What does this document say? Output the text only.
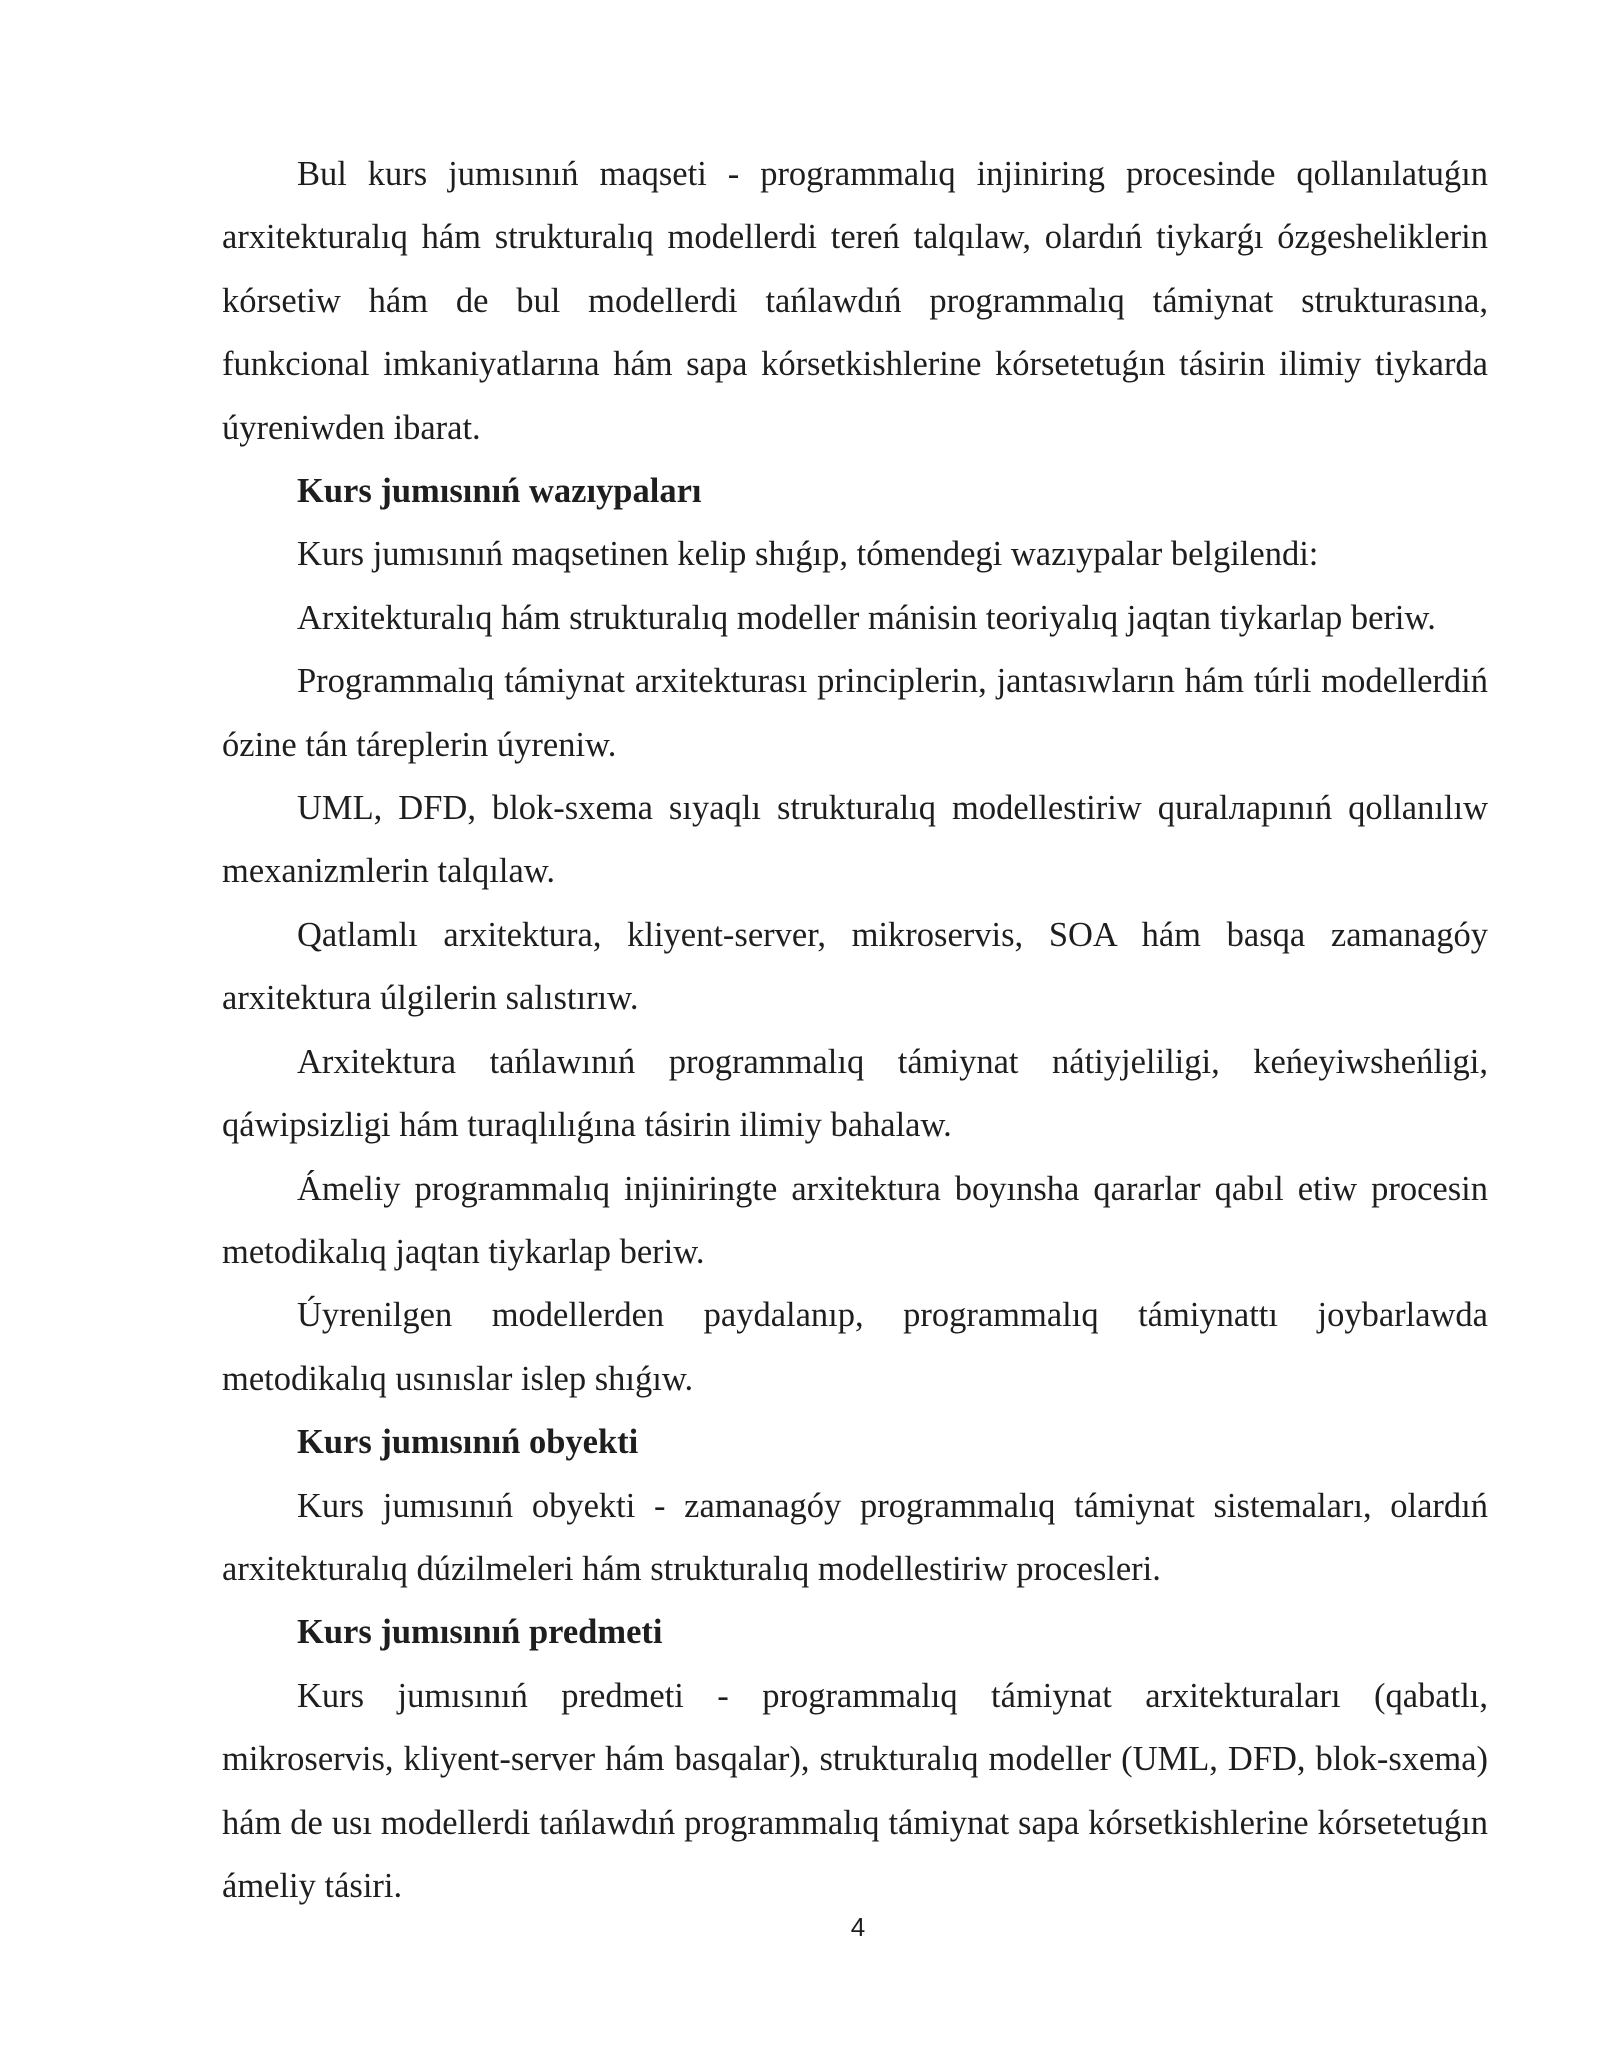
Bul kurs jumısınıń maqseti - programmalıq injiniring procesinde qollanılatuǵın arxitekturalıq hám strukturalıq modellerdi tereń talqılaw, olardıń tiykarǵı ózgesheliklerin kórsetiw hám de bul modellerdi tańlawdıń programmalıq támiynat strukturasına, funkcional imkaniyatlarına hám sapa kórsetkishlerine kórsetetuǵın tásirin ilimiy tiykarda úyreniwden ibarat.

Kurs jumısınıń wazıypaları

Kurs jumısınıń maqsetinen kelip shıǵıp, tómendegi wazıypalar belgilendi:

Arxitekturalıq hám strukturalıq modeller mánisin teoriyalıq jaqtan tiykarlap beriw.

Programmalıq támiynat arxitekturası principlerin, jantasıwların hám túrli modellerdiń ózine tán táreplerin úyreniw.

UML, DFD, blok-sxema sıyaqlı strukturalıq modellestiriw quralларınıń qollanılıw mexanizmlerin talqılaw.

Qatlamlı arxitektura, kliyent-server, mikroservis, SOA hám basqa zamanagóy arxitektura úlgilerin salıstırıw.

Arxitektura tańlawınıń programmalıq támiynat nátiyjeliligi, keńeyiwsheńligi, qáwipsizligi hám turaqlılıǵına tásirin ilimiy bahalaw.

Ámeliy programmalıq injiniringte arxitektura boyınsha qararlar qabıl etiw procesin metodikalıq jaqtan tiykarlap beriw.

Úyrenilgen modellerden paydalanıp, programmalıq támiynattı joybarlawda metodikalıq usınıslar islep shıǵıw.

Kurs jumısınıń obyekti

Kurs jumısınıń obyekti - zamanagóy programmalıq támiynat sistemaları, olardıń arxitekturalıq dúzilmeleri hám strukturalıq modellestiriw procesleri.

Kurs jumısınıń predmeti

Kurs jumısınıń predmeti - programmalıq támiynat arxitekturaları (qabatlı, mikroservis, kliyent-server hám basqalar), strukturalıq modeller (UML, DFD, blok-sxema) hám de usı modellerdi tańlawdıń programmalıq támiynat sapa kórsetkishlerine kórsetetuǵın ámeliy tásiri.

4
